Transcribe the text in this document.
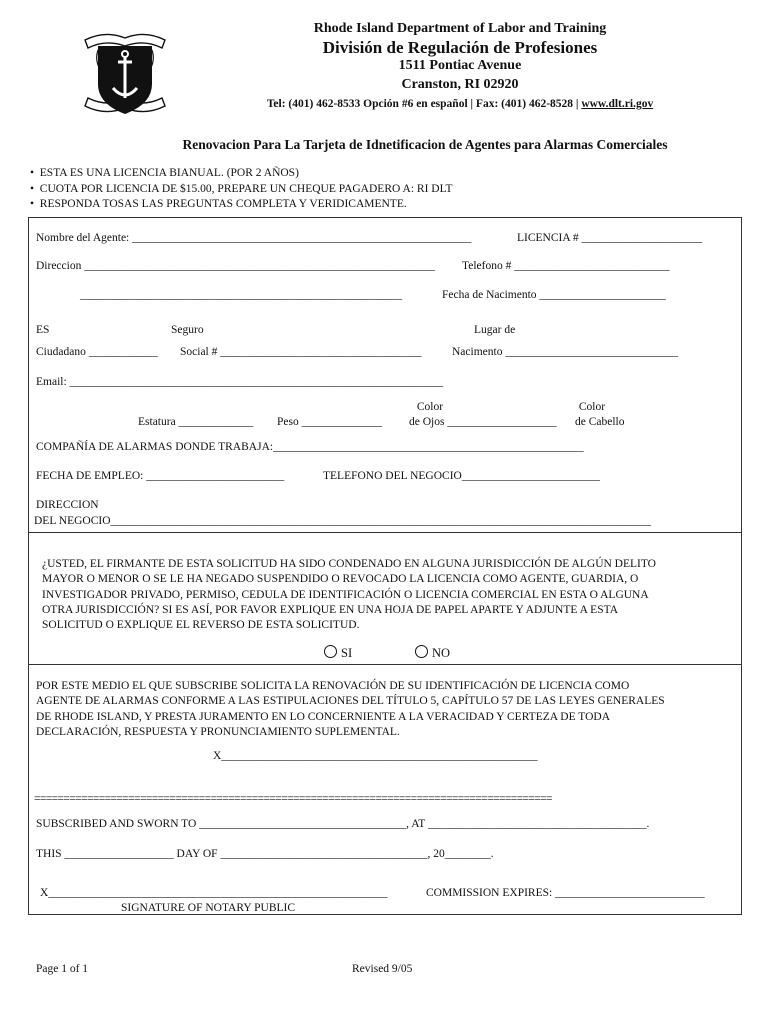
Rhode Island Department of Labor and Training
División de Regulación de Profesiones
1511 Pontiac Avenue
Cranston, RI 02920
Tel: (401) 462-8533 Opción #6 en español | Fax: (401) 462-8528 | www.dlt.ri.gov
Renovacion Para La Tarjeta de Idnetificacion de Agentes para Alarmas Comerciales
•  ESTA ES UNA LICENCIA BIANUAL. (POR 2 AÑOS)
•  CUOTA POR LICENCIA DE $15.00, PREPARE UN CHEQUE PAGADERO A: RI DLT
•  RESPONDA TOSAS LAS PREGUNTAS COMPLETA Y VERIDICAMENTE.
Nombre del Agente: ___________________________________________________________	LICENCIA # _____________________
Direccion _____________________________________________________________ Telefono # ___________________________
________________________________________________________	Fecha de Nacimento ______________________
ES	Seguro	Lugar de
Ciudadano ____________ Social # ___________________________________	Nacimento ______________________________
Email: _________________________________________________________________
Color	Color
Estatura _____________ Peso ______________ de Ojos ___________________ de Cabello
COMPAÑÍA DE ALARMAS DONDE TRABAJA:______________________________________________________
FECHA DE EMPLEO: ________________________	TELEFONO DEL NEGOCIO________________________
DIRECCION
DEL NEGOCIO______________________________________________________________________________________________
¿USTED, EL FIRMANTE DE ESTA SOLICITUD HA SIDO CONDENADO EN ALGUNA JURISDICCIÓN DE ALGÚN DELITO
MAYOR O MENOR O SE LE HA NEGADO SUSPENDIDO O REVOCADO LA LICENCIA COMO AGENTE, GUARDIA, O
INVESTIGADOR PRIVADO, PERMISO, CEDULA DE IDENTIFICACIÓN O LICENCIA COMERCIAL EN ESTA O ALGUNA
OTRA JURISDICCIÓN? SI ES ASÍ, POR FAVOR EXPLIQUE EN UNA HOJA DE PAPEL APARTE Y ADJUNTE A ESTA
SOLICITUD O EXPLIQUE EL REVERSO DE ESTA SOLICITUD.
SI	NO
POR ESTE MEDIO EL QUE SUBSCRIBE SOLICITA LA RENOVACIÓN DE SU IDENTIFICACIÓN DE LICENCIA COMO
AGENTE DE ALARMAS CONFORME A LAS ESTIPULACIONES DEL TÍTULO 5, CAPÍTULO 57 DE LAS LEYES GENERALES
DE RHODE ISLAND, Y PRESTA JURAMENTO EN LO CONCERNIENTE A LA VERACIDAD Y CERTEZA DE TODA
DECLARACIÓN, RESPUESTA Y PRONUNCIAMIENTO SUPLEMENTAL.
X_______________________________________________________
========================================================================================
SUBSCRIBED AND SWORN TO ____________________________________, AT ______________________________________.
THIS ___________________ DAY OF ____________________________________, 20________.
X___________________________________________________________	COMMISSION EXPIRES: __________________________
SIGNATURE OF NOTARY PUBLIC
Page 1 of 1	Revised 9/05
